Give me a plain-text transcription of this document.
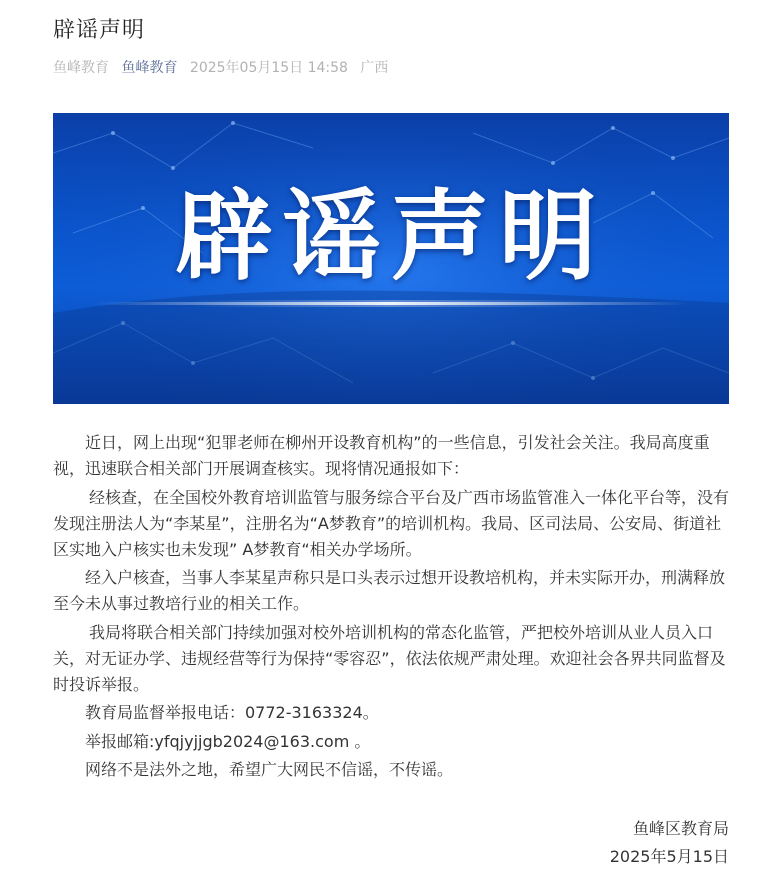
辟谣声明
鱼峰教育 鱼峰教育 2025年05月15日 14:58 广西
辟谣声明

近日，网上出现“犯罪老师在柳州开设教育机构”的一些信息，引发社会关注。我局高度重视，迅速联合相关部门开展调查核实。现将情况通报如下：

经核查，在全国校外教育培训监管与服务综合平台及广西市场监管准入一体化平台等，没有发现注册法人为“李某星”，注册名为“A梦教育”的培训机构。我局、区司法局、公安局、街道社区实地入户核实也未发现” A梦教育“相关办学场所。

经入户核查，当事人李某星声称只是口头表示过想开设教培机构，并未实际开办，刑满释放至今未从事过教培行业的相关工作。

我局将联合相关部门持续加强对校外培训机构的常态化监管，严把校外培训从业人员入口关，对无证办学、违规经营等行为保持“零容忍”，依法依规严肃处理。欢迎社会各界共同监督及时投诉举报。

教育局监督举报电话：0772-3163324。

举报邮箱:yfqjyjjgb2024@163.com 。

网络不是法外之地，希望广大网民不信谣，不传谣。

鱼峰区教育局
2025年5月15日
